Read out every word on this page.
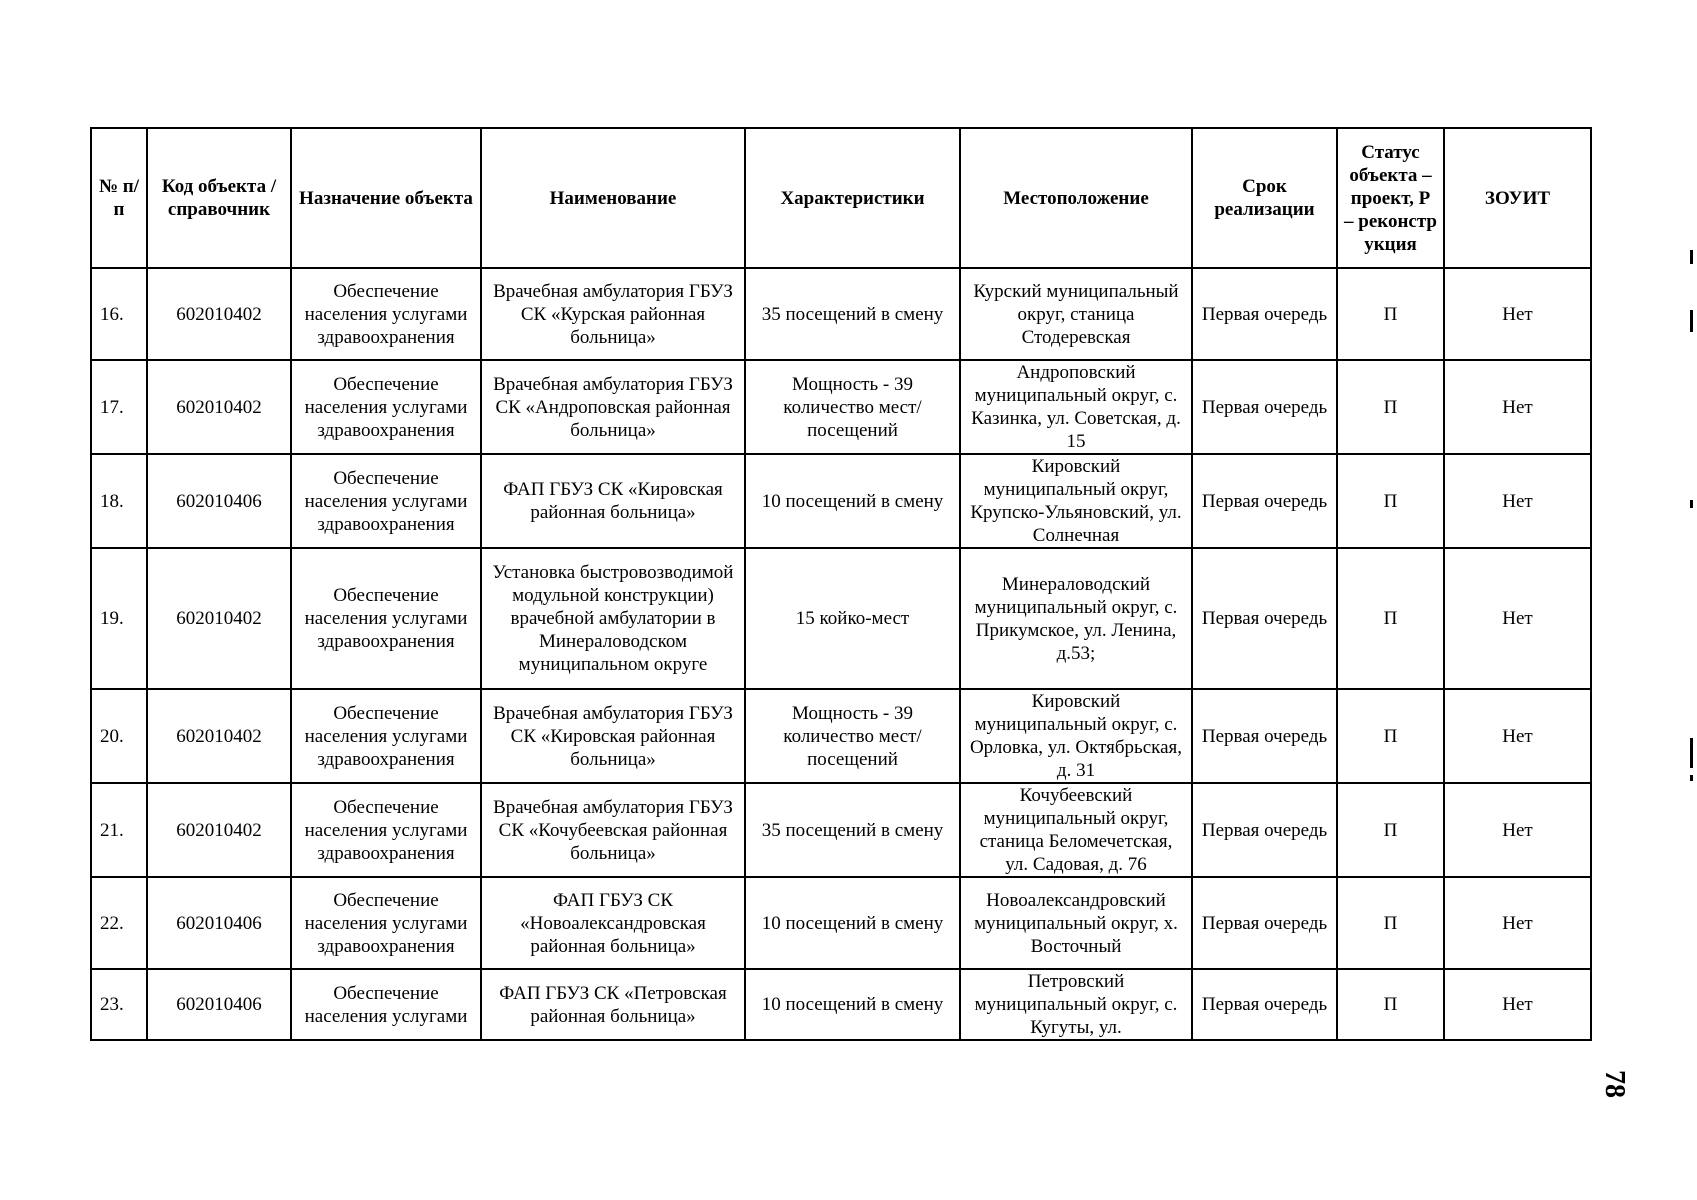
№ п/п	Код объекта / справочник	Назначение объекта	Наименование	Характеристики	Местоположение	Срок реализации	Статус объекта – проект, Р – реконстр укция	ЗОУИТ
16.	602010402	Обеспечение населения услугами здравоохранения	Врачебная амбулатория ГБУЗ СК «Курская районная больница»	35 посещений в смену	Курский муниципальный округ, станица Стодеревская	Первая очередь	П	Нет
17.	602010402	Обеспечение населения услугами здравоохранения	Врачебная амбулатория ГБУЗ СК «Андроповская районная больница»	Мощность - 39 количество мест/посещений	Андроповский муниципальный округ, с. Казинка, ул. Советская, д. 15	Первая очередь	П	Нет
18.	602010406	Обеспечение населения услугами здравоохранения	ФАП ГБУЗ СК «Кировская районная больница»	10 посещений в смену	Кировский муниципальный округ, Крупско-Ульяновский, ул. Солнечная	Первая очередь	П	Нет
19.	602010402	Обеспечение населения услугами здравоохранения	Установка быстровозводимой модульной конструкции) врачебной амбулатории в Минераловодском муниципальном округе	15 койко-мест	Минераловодский муниципальный округ, с. Прикумское, ул. Ленина, д.53;	Первая очередь	П	Нет
20.	602010402	Обеспечение населения услугами здравоохранения	Врачебная амбулатория ГБУЗ СК «Кировская районная больница»	Мощность - 39 количество мест/посещений	Кировский муниципальный округ, с. Орловка, ул. Октябрьская, д. 31	Первая очередь	П	Нет
21.	602010402	Обеспечение населения услугами здравоохранения	Врачебная амбулатория ГБУЗ СК «Кочубеевская районная больница»	35 посещений в смену	Кочубеевский муниципальный округ, станица Беломечетская, ул. Садовая, д. 76	Первая очередь	П	Нет
22.	602010406	Обеспечение населения услугами здравоохранения	ФАП ГБУЗ СК «Новоалександровская районная больница»	10 посещений в смену	Новоалександровский муниципальный округ, х. Восточный	Первая очередь	П	Нет
23.	602010406	Обеспечение населения услугами	ФАП ГБУЗ СК «Петровская районная больница»	10 посещений в смену	Петровский муниципальный округ, с. Кугуты, ул.	Первая очередь	П	Нет
78
